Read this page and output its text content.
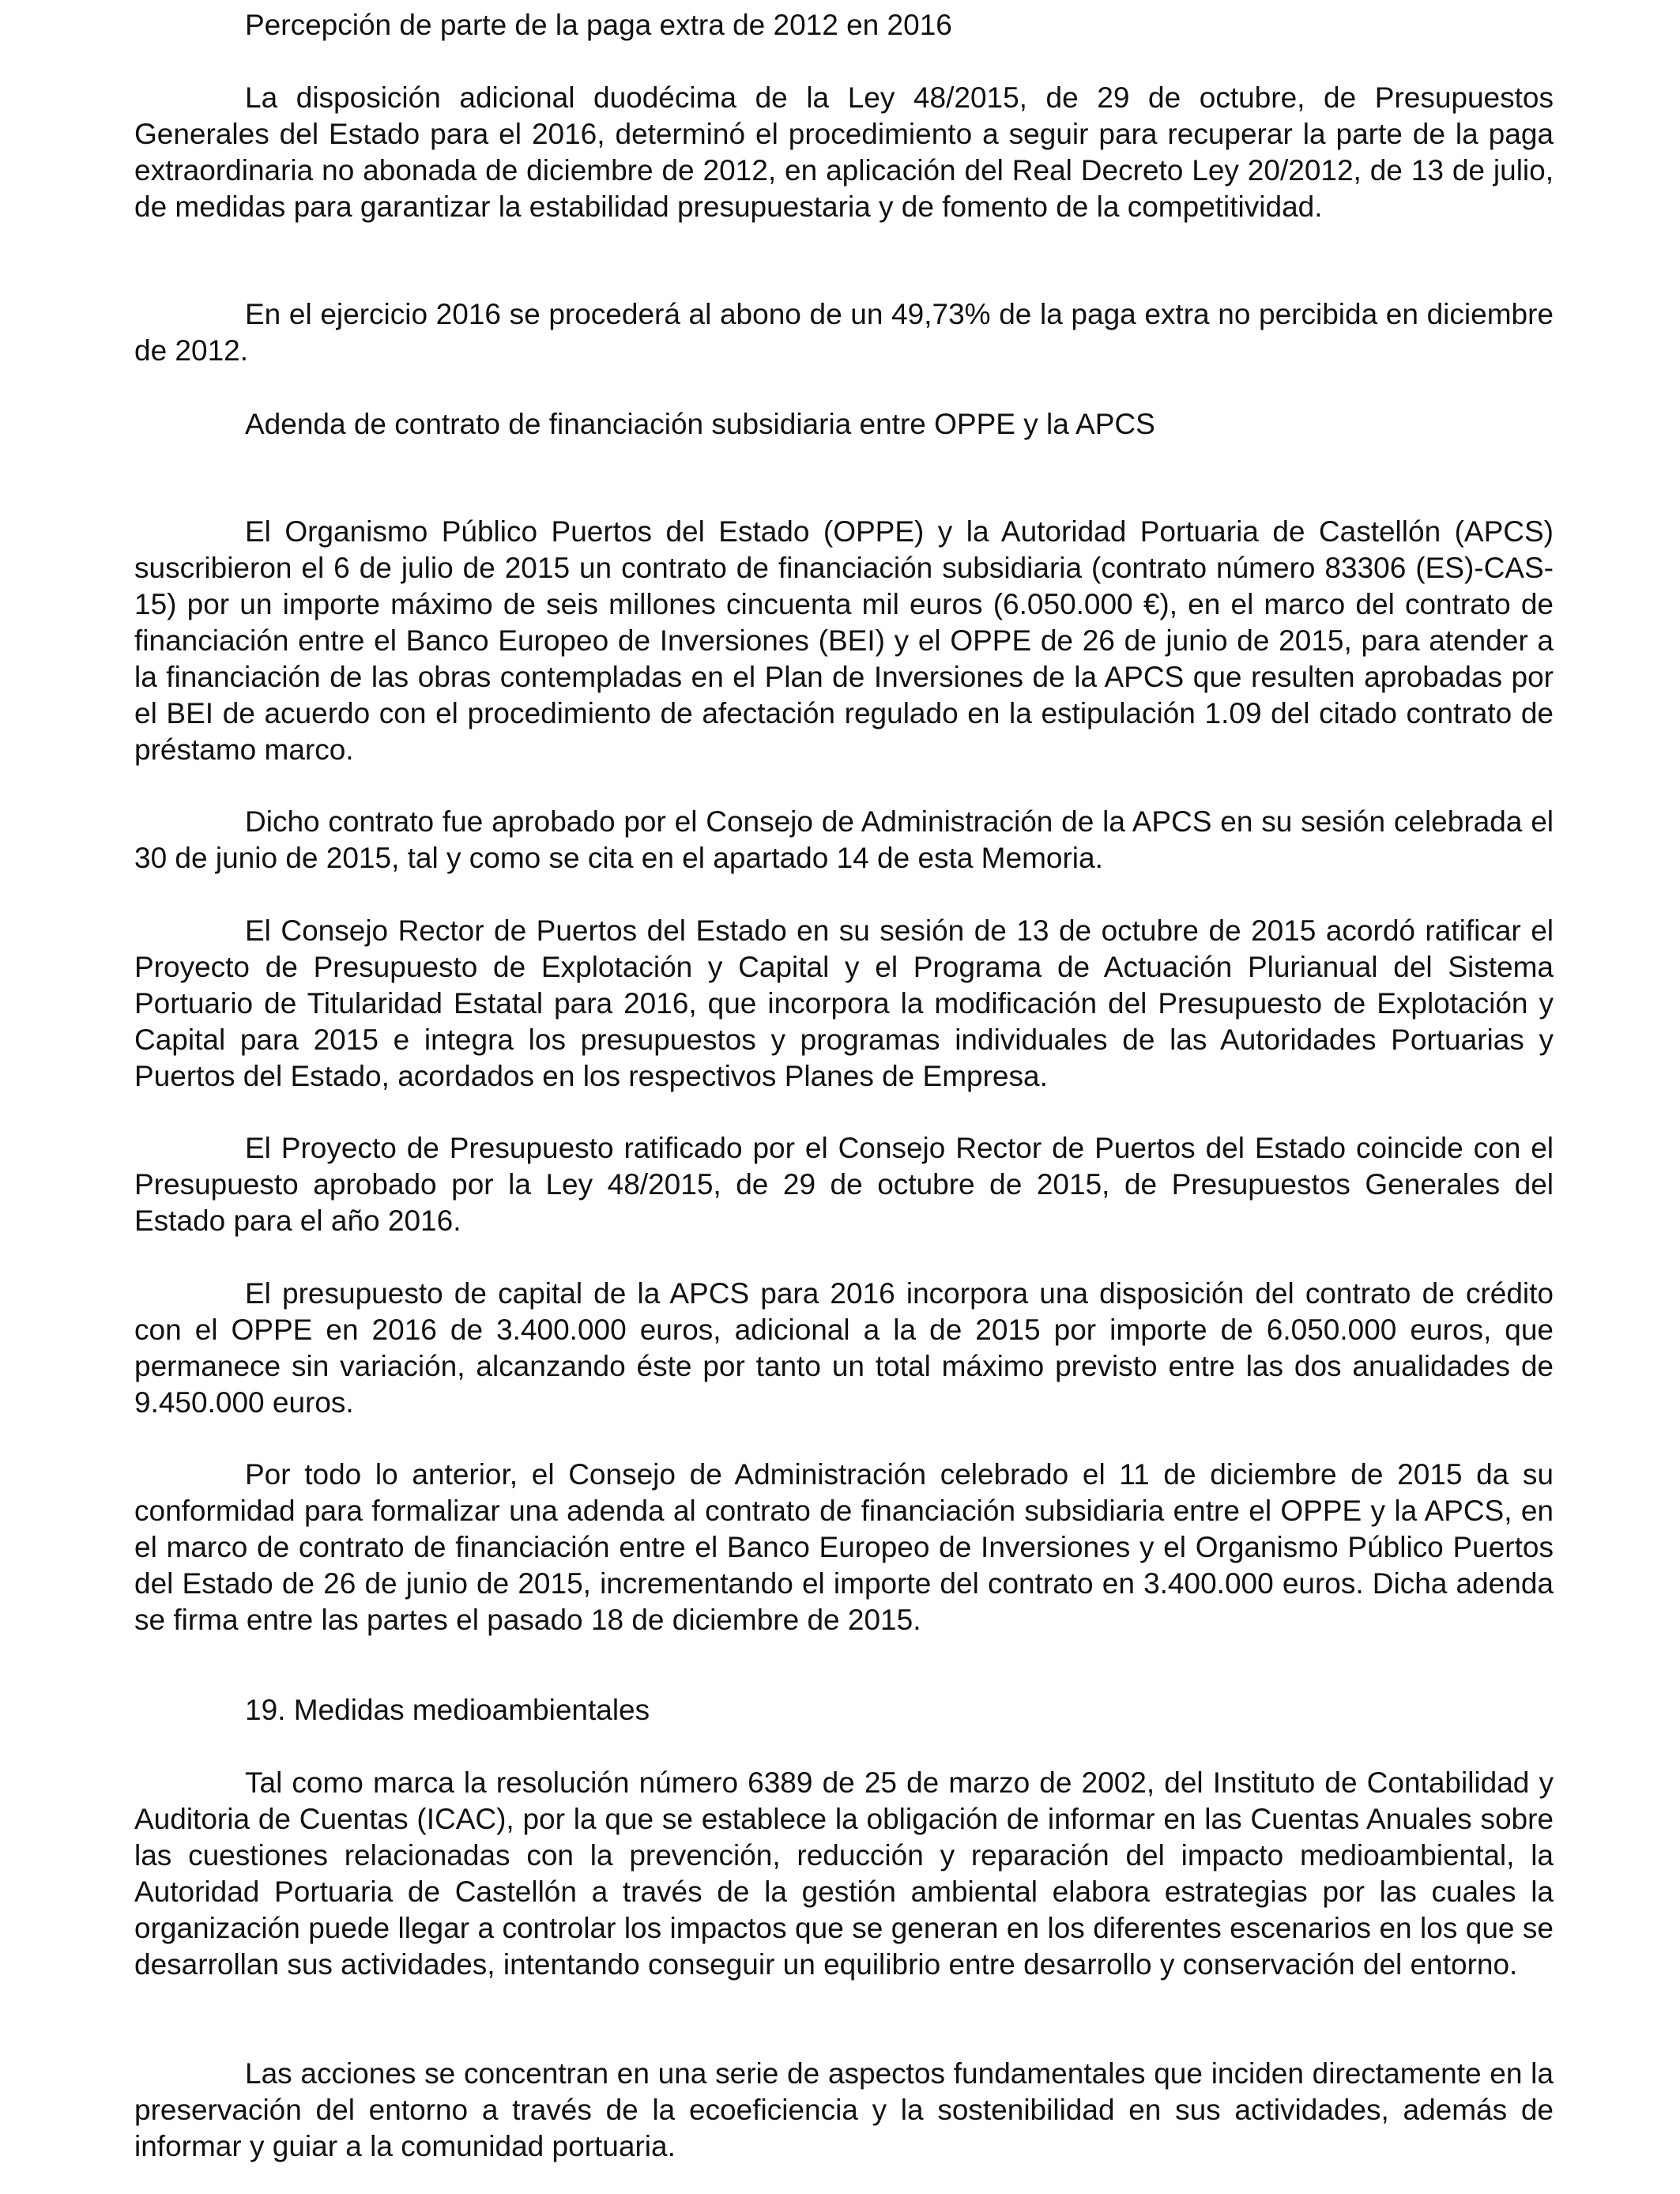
Percepción de parte de la paga extra de 2012 en 2016

La disposición adicional duodécima de la Ley 48/2015, de 29 de octubre, de Presupuestos Generales del Estado para el 2016, determinó el procedimiento a seguir para recuperar la parte de la paga extraordinaria no abonada de diciembre de 2012, en aplicación del Real Decreto Ley 20/2012, de 13 de julio, de medidas para garantizar la estabilidad presupuestaria y de fomento de la competitividad.

En el ejercicio 2016 se procederá al abono de un 49,73% de la paga extra no percibida en diciembre de 2012.

Adenda de contrato de financiación subsidiaria entre OPPE y la APCS

El Organismo Público Puertos del Estado (OPPE) y la Autoridad Portuaria de Castellón (APCS) suscribieron el 6 de julio de 2015 un contrato de financiación subsidiaria (contrato número 83306 (ES)-CAS-15) por un importe máximo de seis millones cincuenta mil euros (6.050.000 €), en el marco del contrato de financiación entre el Banco Europeo de Inversiones (BEI) y el OPPE de 26 de junio de 2015, para atender a la financiación de las obras contempladas en el Plan de Inversiones de la APCS que resulten aprobadas por el BEI de acuerdo con el procedimiento de afectación regulado en la estipulación 1.09 del citado contrato de préstamo marco.

Dicho contrato fue aprobado por el Consejo de Administración de la APCS en su sesión celebrada el 30 de junio de 2015, tal y como se cita en el apartado 14 de esta Memoria.

El Consejo Rector de Puertos del Estado en su sesión de 13 de octubre de 2015 acordó ratificar el Proyecto de Presupuesto de Explotación y Capital y el Programa de Actuación Plurianual del Sistema Portuario de Titularidad Estatal para 2016, que incorpora la modificación del Presupuesto de Explotación y Capital para 2015 e integra los presupuestos y programas individuales de las Autoridades Portuarias y Puertos del Estado, acordados en los respectivos Planes de Empresa.

El Proyecto de Presupuesto ratificado por el Consejo Rector de Puertos del Estado coincide con el Presupuesto aprobado por la Ley 48/2015, de 29 de octubre de 2015, de Presupuestos Generales del Estado para el año 2016.

El presupuesto de capital de la APCS para 2016 incorpora una disposición del contrato de crédito con el OPPE en 2016 de 3.400.000 euros, adicional a la de 2015 por importe de 6.050.000 euros, que permanece sin variación, alcanzando éste por tanto un total máximo previsto entre las dos anualidades de 9.450.000 euros.

Por todo lo anterior, el Consejo de Administración celebrado el 11 de diciembre de 2015 da su conformidad para formalizar una adenda al contrato de financiación subsidiaria entre el OPPE y la APCS, en el marco de contrato de financiación entre el Banco Europeo de Inversiones y el Organismo Público Puertos del Estado de 26 de junio de 2015, incrementando el importe del contrato en 3.400.000 euros. Dicha adenda se firma entre las partes el pasado 18 de diciembre de 2015.

19. Medidas medioambientales

Tal como marca la resolución número 6389 de 25 de marzo de 2002, del Instituto de Contabilidad y Auditoria de Cuentas (ICAC), por la que se establece la obligación de informar en las Cuentas Anuales sobre las cuestiones relacionadas con la prevención, reducción y reparación del impacto medioambiental, la Autoridad Portuaria de Castellón a través de la gestión ambiental elabora estrategias por las cuales la organización puede llegar a controlar los impactos que se generan en los diferentes escenarios en los que se desarrollan sus actividades, intentando conseguir un equilibrio entre desarrollo y conservación del entorno.

Las acciones se concentran en una serie de aspectos fundamentales que inciden directamente en la preservación del entorno a través de la ecoeficiencia y la sostenibilidad en sus actividades, además de informar y guiar a la comunidad portuaria.
